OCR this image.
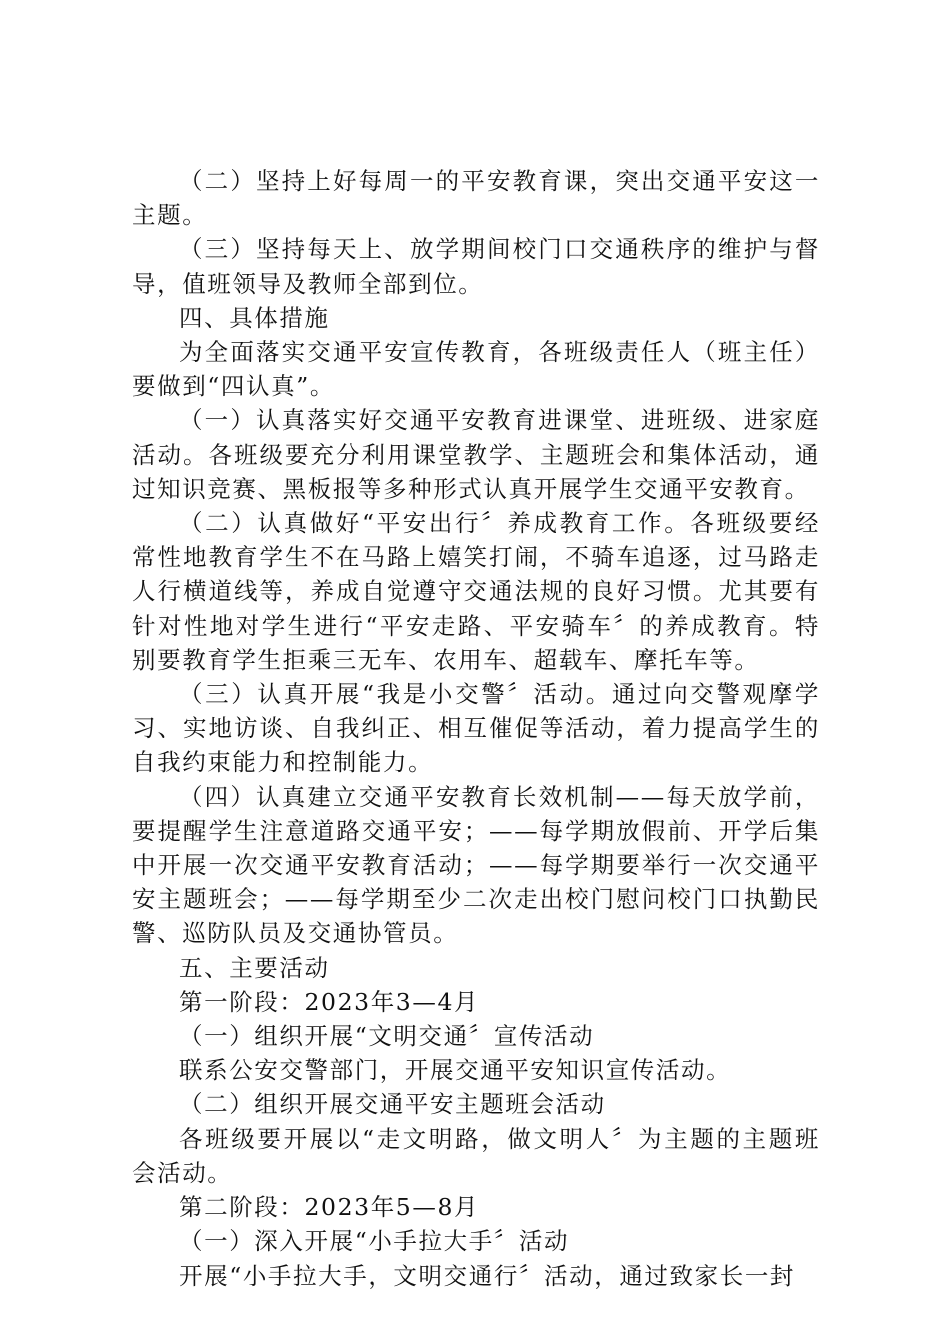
（二）坚持上好每周一的平安教育课，突出交通平安这一主题。

（三）坚持每天上、放学期间校门口交通秩序的维护与督导，值班领导及教师全部到位。

四、具体措施

为全面落实交通平安宣传教育，各班级责任人（班主任）要做到“四认真”。

（一）认真落实好交通平安教育进课堂、进班级、进家庭活动。各班级要充分利用课堂教学、主题班会和集体活动，通过知识竞赛、黑板报等多种形式认真开展学生交通平安教育。

（二）认真做好“平安出行〞养成教育工作。各班级要经常性地教育学生不在马路上嬉笑打闹，不骑车追逐，过马路走人行横道线等，养成自觉遵守交通法规的良好习惯。尤其要有针对性地对学生进行“平安走路、平安骑车〞的养成教育。特别要教育学生拒乘三无车、农用车、超载车、摩托车等。

（三）认真开展“我是小交警〞活动。通过向交警观摩学习、实地访谈、自我纠正、相互催促等活动，着力提高学生的自我约束能力和控制能力。

（四）认真建立交通平安教育长效机制——每天放学前，要提醒学生注意道路交通平安；——每学期放假前、开学后集中开展一次交通平安教育活动；——每学期要举行一次交通平安主题班会；——每学期至少二次走出校门慰问校门口执勤民警、巡防队员及交通协管员。

五、主要活动

第一阶段：2023年3—4月

（一）组织开展“文明交通〞宣传活动

联系公安交警部门，开展交通平安知识宣传活动。

（二）组织开展交通平安主题班会活动

各班级要开展以“走文明路，做文明人〞为主题的主题班会活动。

第二阶段：2023年5—8月

（一）深入开展“小手拉大手〞活动

开展“小手拉大手，文明交通行〞活动，通过致家长一封
